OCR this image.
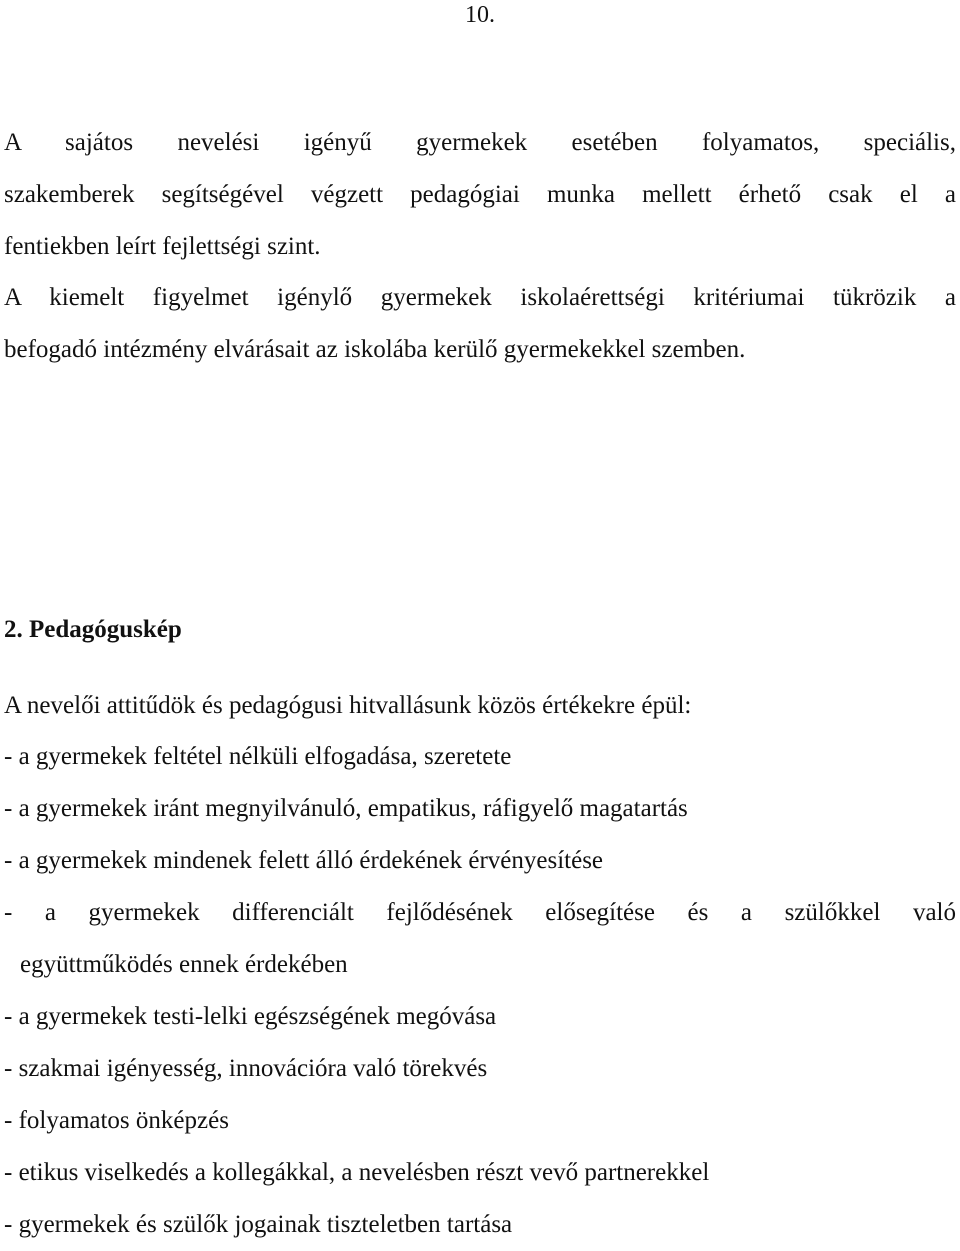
10.
A sajátos nevelési igényű gyermekek esetében folyamatos, speciális,
szakemberek segítségével végzett pedagógiai munka mellett érhető csak el a
fentiekben leírt fejlettségi szint.
A kiemelt figyelmet igénylő gyermekek iskolaérettségi kritériumai tükrözik a
befogadó intézmény elvárásait az iskolába kerülő gyermekekkel szemben.
2. Pedagóguskép
A nevelői attitűdök és pedagógusi hitvallásunk közös értékekre épül:
- a gyermekek feltétel nélküli elfogadása, szeretete
- a gyermekek iránt megnyilvánuló, empatikus, ráfigyelő magatartás
- a gyermekek mindenek felett álló érdekének érvényesítése
- a gyermekek differenciált fejlődésének elősegítése és a szülőkkel való
együttműködés ennek érdekében
- a gyermekek testi-lelki egészségének megóvása
- szakmai igényesség, innovációra való törekvés
- folyamatos önképzés
- etikus viselkedés a kollegákkal, a nevelésben részt vevő partnerekkel
- gyermekek és szülők jogainak tiszteletben tartása
